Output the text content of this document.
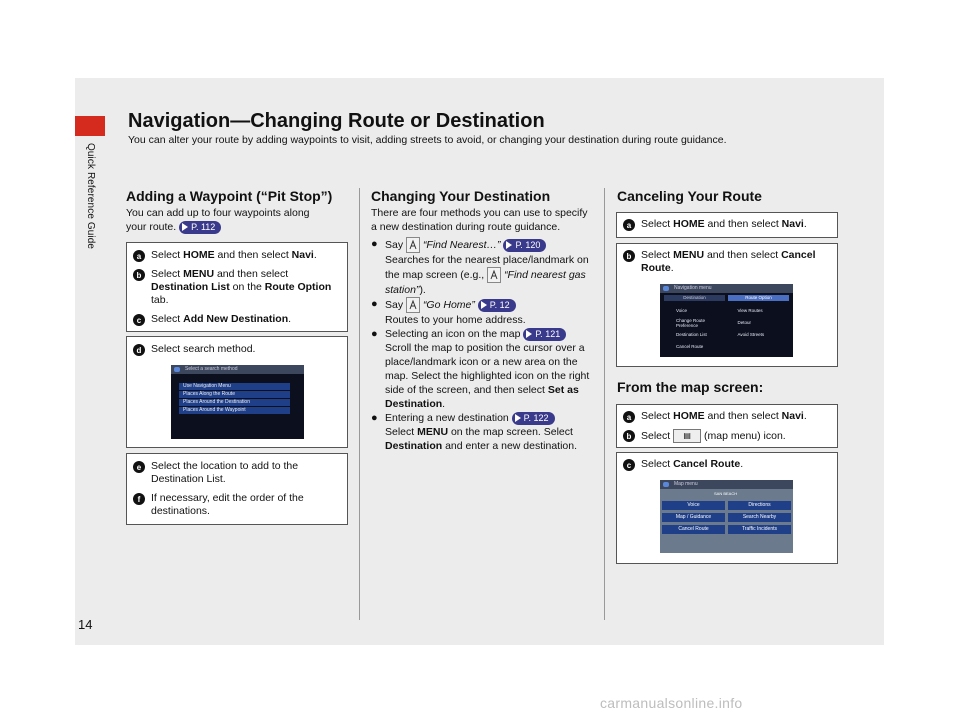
Quick Reference Guide
14
Navigation—Changing Route or Destination
You can alter your route by adding waypoints to visit, adding streets to avoid, or changing your destination during route guidance.
Adding a Waypoint (“Pit Stop”)

You can add up to four waypoints along
your route. P. 112

a Select HOME and then select Navi.
b Select MENU and then select Destination List on the Route Option tab.
c Select Add New Destination.
d Select search method.
Select a search method
Use Navigation Menu
Places Along the Route
Places Around the Destination
Places Around the Waypoint
e Select the location to add to the Destination List.
f	If necessary, edit the order of the destinations.
Changing Your Destination

There are four methods you can use to specify a new destination during route guidance.

● Say
“Find Nearest…” P. 120

Searches for the nearest place/landmark on the map screen (e.g.,
“Find nearest gas station”).
● Say
“Go Home” P. 12

Routes to your home address.
● Selecting an icon on the map P. 121

Scroll the map to position the cursor over a place/landmark icon or a new area on the map. Select the highlighted icon on the right side of the screen, and then select Set as Destination.
● Entering a new destination P. 122

Select MENU on the map screen. Select Destination and enter a new destination.
Canceling Your Route
a Select HOME and then select Navi.
b Select MENU and then select Cancel Route.
Navigation menu
Destination	Route Option
Voice	View Routes
Change Route Preference
Detour
Destination List	Avoid Streets
Cancel Route
From the map screen:
a Select HOME and then select Navi.
b Select ▤ (map menu) icon.
c Select Cancel Route.
Map menu
SAN BEACH
Voice	Directions
Map / Guidance	Search Nearby
Cancel Route	Traffic Incidents
carmanualsonline.info
